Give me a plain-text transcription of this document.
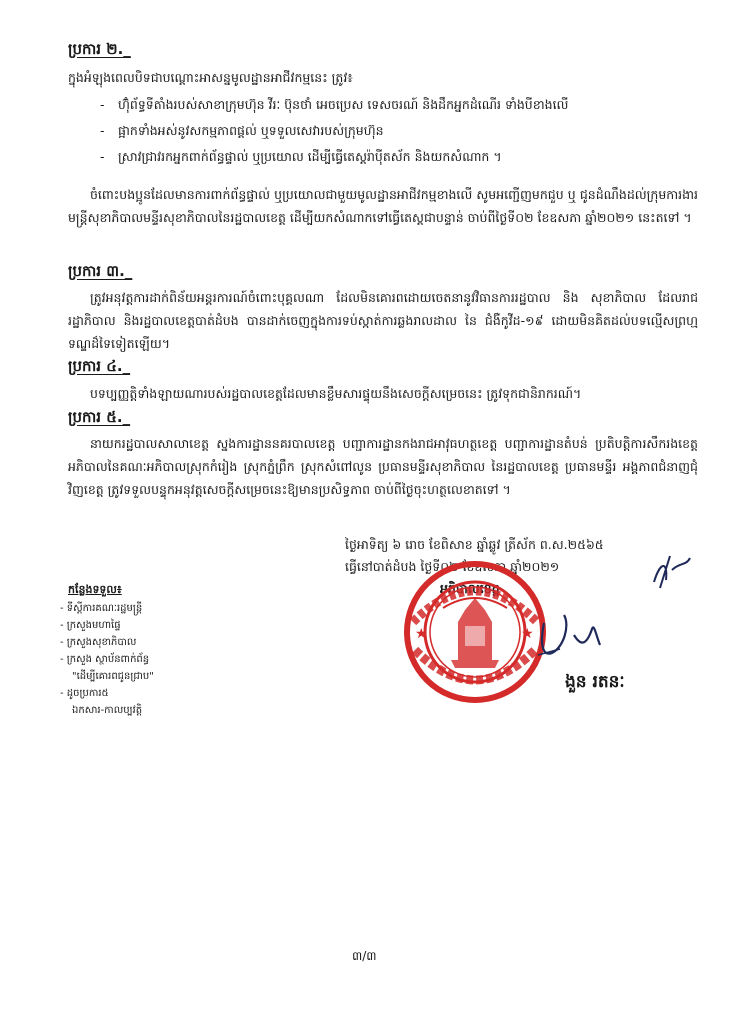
ប្រការ ២._
ក្នុងអំឡុងពេលបិទជាបណ្ដោះអាសន្នមូលដ្ឋានអាជីវកម្មនេះ ត្រូវ៖
- ហ៊ុំព័ទ្ធទីតាំងរបស់សាខាក្រុមហ៊ុន វីរៈ ប៊ុនថាំ អេចប្រេស ទេសចរណ៍ និងដឹកអ្នកដំណើរ ទាំងបីខាងលើ
- ផ្អាកទាំងអស់នូវសកម្មភាពផ្ដល់ ឬទទួលសេវារបស់ក្រុមហ៊ុន
- ស្រាវជ្រាវរកអ្នកពាក់ព័ន្ធផ្ទាល់ ឬប្រយោល ដើម្បីធ្វើតេស្តរ៉ាប៉ីតស័ក និងយកសំណាក ។
ចំពោះបងប្អូនដែលមានការពាក់ព័ន្ធផ្ទាល់ ឬប្រយោលជាមួយមូលដ្ឋានអាជីវកម្មខាងលើ សូមអញ្ជើញមកជួប ឬ ជូនដំណឹងដល់ក្រុមការងារមន្ត្រីសុខាភិបាលមន្ទីរសុខាភិបាលនៃរដ្ឋបាលខេត្ត ដើម្បីយកសំណាកទៅធ្វើតេស្តជាបន្ទាន់ ចាប់ពីថ្ងៃទី០២ ខែឧសភា ឆ្នាំ២០២១ នេះតទៅ ។
ប្រការ ៣._
ត្រូវអនុវត្តការដាក់ពិន័យអន្តរការណ៍ចំពោះបុគ្គលណា ដែលមិនគោរពដោយចេតនានូវវិធានការរដ្ឋបាល និង សុខាភិបាល ដែលរាជរដ្ឋាភិបាល និងរដ្ឋបាលខេត្តបាត់ដំបង បានដាក់ចេញក្នុងការទប់ស្កាត់ការឆ្លងរាលដាល នៃ ជំងឺកូវីដ-១៩ ដោយមិនគិតដល់បទល្មើសព្រហ្មទណ្ឌដ៏ទៃទៀតឡើយ។
ប្រការ ៤._
បទប្បញ្ញត្តិទាំងឡាយណារបស់រដ្ឋបាលខេត្តដែលមានខ្លឹមសារផ្ទុយនឹងសេចក្ដីសម្រេចនេះ ត្រូវទុកជានិរាករណ៍។
ប្រការ ៥._
នាយករដ្ឋបាលសាលាខេត្ត ស្នងការដ្ឋាននគរបាលខេត្ត បញ្ជាការដ្ឋានកងរាជអាវុធហត្ថខេត្ត បញ្ជាការដ្ឋានតំបន់ ប្រតិបត្តិការសឹករងខេត្ត អភិបាលនៃគណៈអភិបាលស្រុកកំរៀង ស្រុកភ្នំព្រឹក ស្រុកសំពៅលូន ប្រធានមន្ទីរសុខាភិបាល នៃរដ្ឋបាលខេត្ត ប្រធានមន្ទីរ អង្គភាពជំនាញជុំវិញខេត្ត ត្រូវទទួលបន្ទុកអនុវត្តសេចក្ដីសម្រេចនេះឱ្យមានប្រសិទ្ធភាព ចាប់ពីថ្ងៃចុះហត្ថលេខាតទៅ ។
ថ្ងៃអាទិត្យ ៦ រោច ខែពិសាខ ឆ្នាំឆ្លូវ ត្រីស័ក ព.ស.២៥៦៥
ធ្វើនៅបាត់ដំបង ថ្ងៃទី០២ ខែឧសភា ឆ្នាំ២០២១
អភិបាលខេត្ត
★	★
ងួន រតនៈ
កន្លែងទទួល៖
- ទីស្ដីការគណៈរដ្ឋមន្ត្រី
- ក្រសួងមហាផ្ទៃ
- ក្រសួងសុខាភិបាល
- ក្រសួង ស្ថាប័នពាក់ព័ន្ធ
"ដើម្បីគោរពជូនជ្រាប"
- ដូចប្រការ៥
ឯកសារ-កាលប្បវត្តិ
៣/៣
